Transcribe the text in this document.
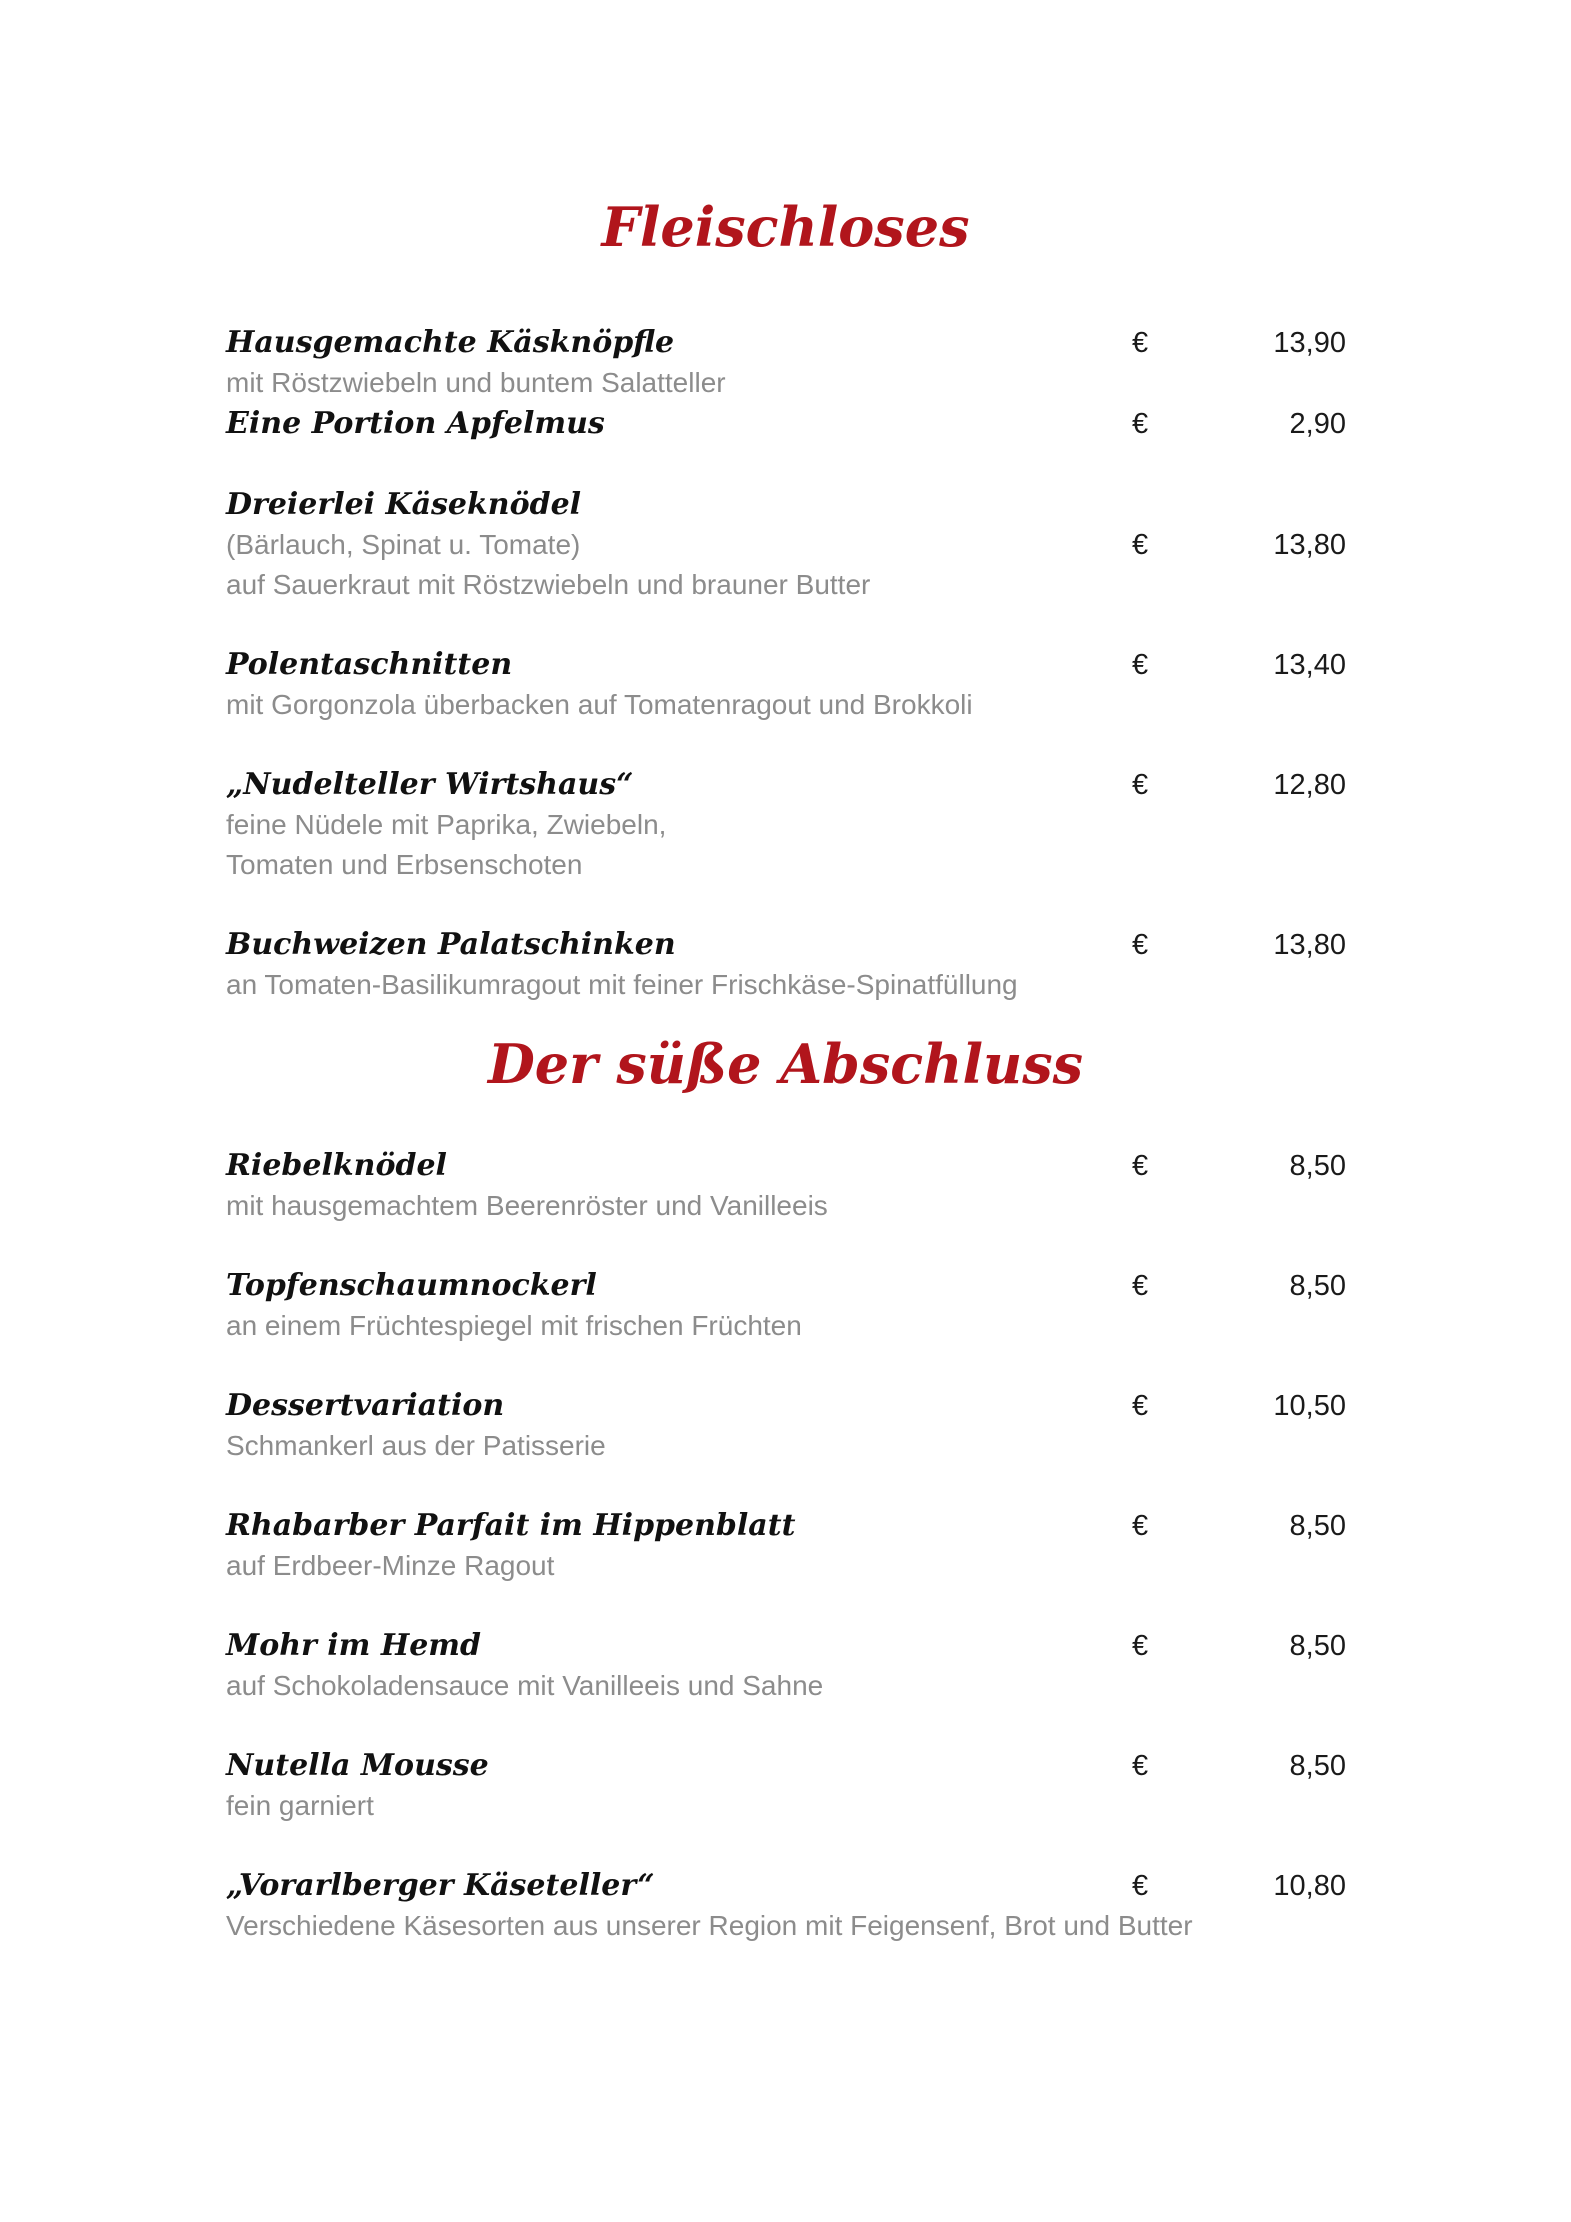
Fleischloses
Hausgemachte Käsknöpfle	€	13,90
mit Röstzwiebeln und buntem Salatteller
Eine Portion Apfelmus	€	2,90
Dreierlei Käseknödel
(Bärlauch, Spinat u. Tomate)	€	13,80
auf Sauerkraut mit Röstzwiebeln und brauner Butter
Polentaschnitten	€	13,40
mit Gorgonzola überbacken auf Tomatenragout und Brokkoli
„Nudelteller Wirtshaus“	€	12,80
feine Nüdele mit Paprika, Zwiebeln,
Tomaten und Erbsenschoten
Buchweizen Palatschinken	€	13,80
an Tomaten-Basilikumragout mit feiner Frischkäse-Spinatfüllung
Der süße Abschluss
Riebelknödel	€	8,50
mit hausgemachtem Beerenröster und Vanilleeis
Topfenschaumnockerl	€	8,50
an einem Früchtespiegel mit frischen Früchten
Dessertvariation	€	10,50
Schmankerl aus der Patisserie
Rhabarber Parfait im Hippenblatt	€	8,50
auf Erdbeer-Minze Ragout
Mohr im Hemd	€	8,50
auf Schokoladensauce mit Vanilleeis und Sahne
Nutella Mousse	€	8,50
fein garniert
„Vorarlberger Käseteller“	€	10,80
Verschiedene Käsesorten aus unserer Region mit Feigensenf, Brot und Butter
